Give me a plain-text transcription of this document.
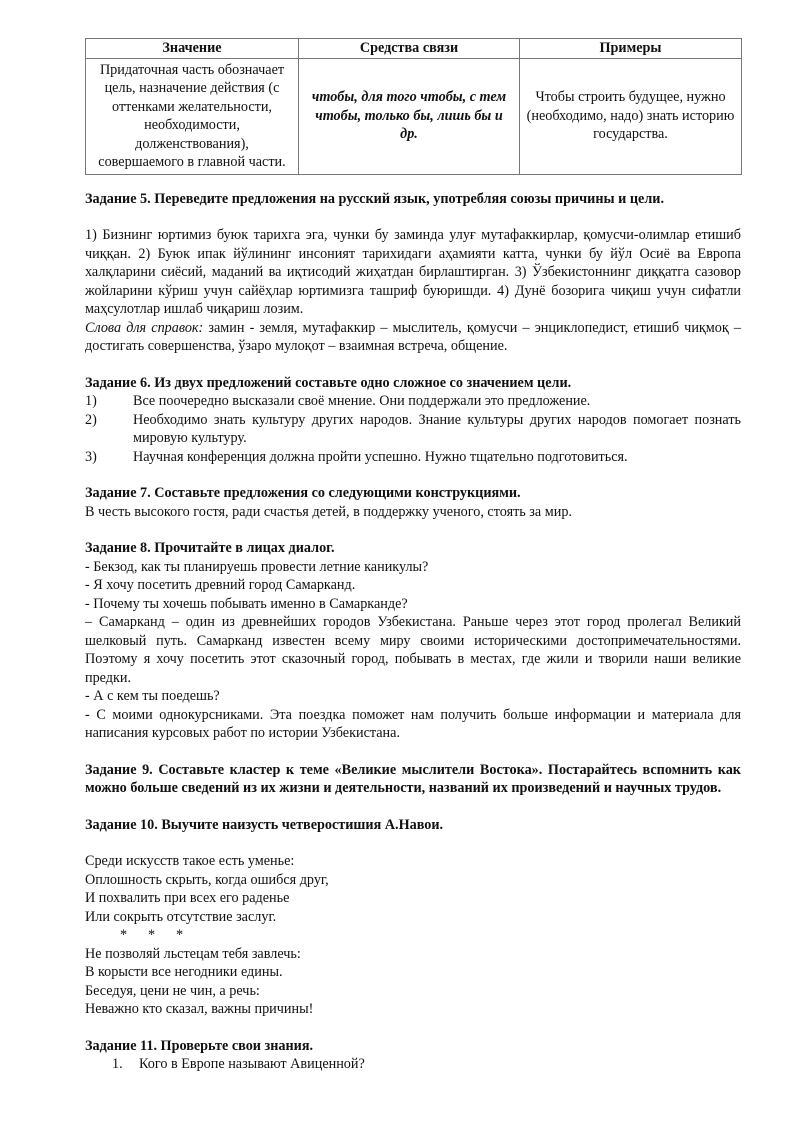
Значение	Средства связи	Примеры
Придаточная часть обозначает цель, назначение действия (с оттенками желательности, необходимости, долженствования), совершаемого в главной части.	чтобы, для того чтобы, с тем чтобы, только бы, лишь бы и др.	Чтобы строить будущее, нужно (необходимо, надо) знать историю государства.

Задание 5. Переведите предложения на русский язык, употребляя союзы причины и цели.

1) Бизнинг юртимиз буюк тарихга эга, чунки бу заминда улуғ мутафаккирлар, қомусчи-олимлар етишиб чиққан. 2) Буюк ипак йўлининг инсоният тарихидаги аҳамияти катта, чунки бу йўл Осиё ва Европа халқларини сиёсий, маданий ва иқтисодий жиҳатдан бирлаштирган. 3) Ўзбекистоннинг диққатга сазовор жойларини кўриш учун сайёҳлар юртимизга ташриф буюришди. 4) Дунё бозорига чиқиш учун сифатли маҳсулотлар ишлаб чиқариш лозим.

Слова для справок: замин - земля, мутафаккир – мыслитель, қомусчи – энциклопедист, етишиб чиқмоқ – достигать совершенства, ўзаро мулоқот – взаимная встреча, общение.

Задание 6. Из двух предложений составьте одно сложное со значением цели.

1)	Все поочередно высказали своё мнение. Они поддержали это предложение.
2)	Необходимо знать культуру других народов. Знание культуры других народов помогает познать мировую культуру.
3)	Научная конференция должна пройти успешно. Нужно тщательно подготовиться.

Задание 7. Составьте предложения со следующими конструкциями.

В честь высокого гостя, ради счастья детей, в поддержку ученого, стоять за мир.

Задание 8. Прочитайте в лицах диалог.

- Бекзод, как ты планируешь провести летние каникулы?

- Я хочу посетить древний город Самарканд.

- Почему ты хочешь побывать именно в Самарканде?

– Самарканд – один из древнейших городов Узбекистана. Раньше через этот город пролегал Великий шелковый путь. Самарканд известен всему миру своими историческими достопримечательностями. Поэтому я хочу посетить этот сказочный город, побывать в местах, где жили и творили наши великие предки.

- А с кем ты поедешь?

- С моими однокурсниками. Эта поездка поможет нам получить больше информации и материала для написания курсовых работ по истории Узбекистана.

Задание 9. Составьте кластер к теме «Великие мыслители Востока». Постарайтесь вспомнить как можно больше сведений из их жизни и деятельности, названий их произведений и научных трудов.

Задание 10. Выучите наизусть четверостишия А.Навои.

Среди искусств такое есть уменье:

Оплошность скрыть, когда ошибся друг,

И похвалить при всех его раденье

Или сокрыть отсутствие заслуг.

* * *

Не позволяй льстецам тебя завлечь:

В корысти все негодники едины.

Беседуя, цени не чин, а речь:

Неважно кто сказал, важны причины!

Задание 11. Проверьте свои знания.

1.	Кого в Европе называют Авиценной?
